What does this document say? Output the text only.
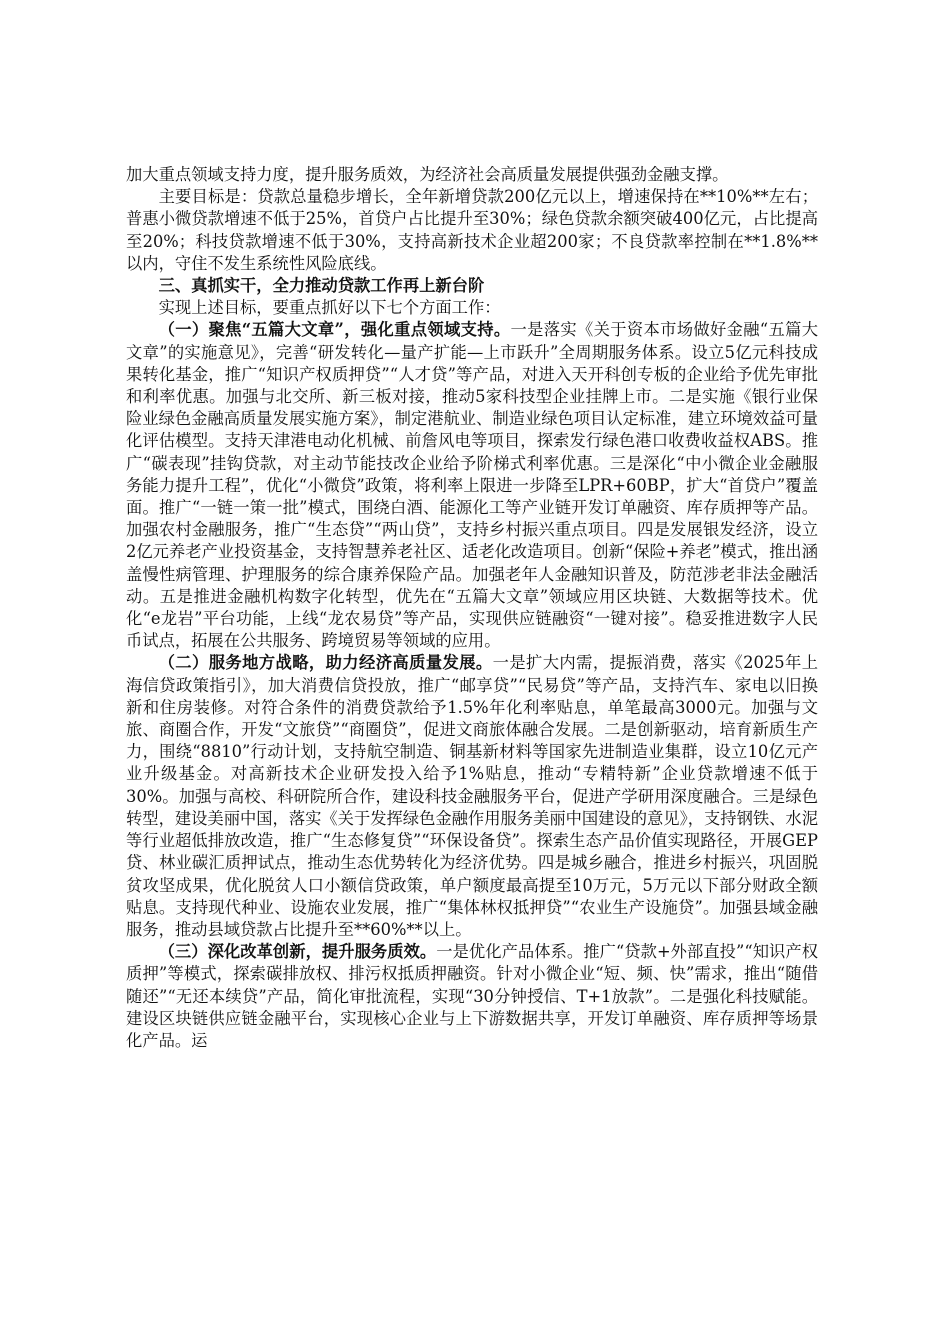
加大重点领域支持力度，提升服务质效，为经济社会高质量发展提供强劲金融支撑。

主要目标是：贷款总量稳步增长，全年新增贷款200亿元以上，增速保持在**10%**左右；普惠小微贷款增速不低于25%，首贷户占比提升至30%；绿色贷款余额突破400亿元，占比提高至20%；科技贷款增速不低于30%，支持高新技术企业超200家；不良贷款率控制在**1.8%**以内，守住不发生系统性风险底线。

三、真抓实干，全力推动贷款工作再上新台阶

实现上述目标，要重点抓好以下七个方面工作：

（一）聚焦“五篇大文章”，强化重点领域支持。一是落实《关于资本市场做好金融“五篇大文章”的实施意见》，完善“研发转化—量产扩能—上市跃升”全周期服务体系。设立5亿元科技成果转化基金，推广“知识产权质押贷”“人才贷”等产品，对进入天开科创专板的企业给予优先审批和利率优惠。加强与北交所、新三板对接，推动5家科技型企业挂牌上市。二是实施《银行业保险业绿色金融高质量发展实施方案》，制定港航业、制造业绿色项目认定标准，建立环境效益可量化评估模型。支持天津港电动化机械、前詹风电等项目，探索发行绿色港口收费收益权ABS。推广“碳表现”挂钩贷款，对主动节能技改企业给予阶梯式利率优惠。三是深化“中小微企业金融服务能力提升工程”，优化“小微贷”政策，将利率上限进一步降至LPR+60BP，扩大“首贷户”覆盖面。推广“一链一策一批”模式，围绕白酒、能源化工等产业链开发订单融资、库存质押等产品。加强农村金融服务，推广“生态贷”“两山贷”，支持乡村振兴重点项目。四是发展银发经济，设立2亿元养老产业投资基金，支持智慧养老社区、适老化改造项目。创新“保险+养老”模式，推出涵盖慢性病管理、护理服务的综合康养保险产品。加强老年人金融知识普及，防范涉老非法金融活动。五是推进金融机构数字化转型，优先在“五篇大文章”领域应用区块链、大数据等技术。优化“e龙岩”平台功能，上线“龙农易贷”等产品，实现供应链融资“一键对接”。稳妥推进数字人民币试点，拓展在公共服务、跨境贸易等领域的应用。

（二）服务地方战略，助力经济高质量发展。一是扩大内需，提振消费，落实《2025年上海信贷政策指引》，加大消费信贷投放，推广“邮享贷”“民易贷”等产品，支持汽车、家电以旧换新和住房装修。对符合条件的消费贷款给予1.5%年化利率贴息，单笔最高3000元。加强与文旅、商圈合作，开发“文旅贷”“商圈贷”，促进文商旅体融合发展。二是创新驱动，培育新质生产力，围绕“8810”行动计划，支持航空制造、铜基新材料等国家先进制造业集群，设立10亿元产业升级基金。对高新技术企业研发投入给予1%贴息，推动“专精特新”企业贷款增速不低于30%。加强与高校、科研院所合作，建设科技金融服务平台，促进产学研用深度融合。三是绿色转型，建设美丽中国，落实《关于发挥绿色金融作用服务美丽中国建设的意见》，支持钢铁、水泥等行业超低排放改造，推广“生态修复贷”“环保设备贷”。探索生态产品价值实现路径，开展GEP贷、林业碳汇质押试点，推动生态优势转化为经济优势。四是城乡融合，推进乡村振兴，巩固脱贫攻坚成果，优化脱贫人口小额信贷政策，单户额度最高提至10万元，5万元以下部分财政全额贴息。支持现代种业、设施农业发展，推广“集体林权抵押贷”“农业生产设施贷”。加强县域金融服务，推动县域贷款占比提升至**60%**以上。

（三）深化改革创新，提升服务质效。一是优化产品体系。推广“贷款+外部直投”“知识产权质押”等模式，探索碳排放权、排污权抵质押融资。针对小微企业“短、频、快”需求，推出“随借随还”“无还本续贷”产品，简化审批流程，实现“30分钟授信、T+1放款”。二是强化科技赋能。建设区块链供应链金融平台，实现核心企业与上下游数据共享，开发订单融资、库存质押等场景化产品。运
